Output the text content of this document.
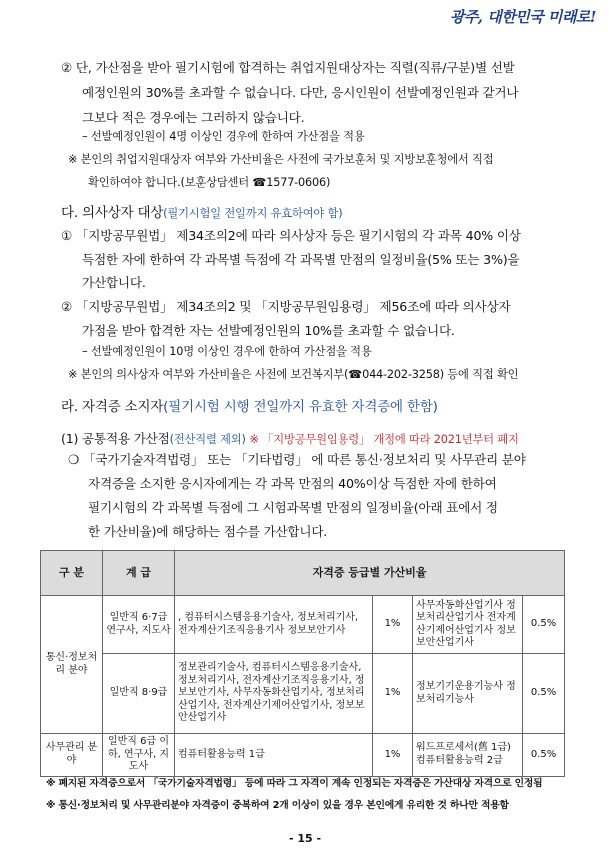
광주, 대한민국 미래로!
② 단, 가산점을 받아 필기시험에 합격하는 취업지원대상자는 직렬(직류/구분)별 선발
예정인원의 30%를 초과할 수 없습니다. 다만, 응시인원이 선발예정인원과 같거나
그보다 적은 경우에는 그러하지 않습니다.
– 선발예정인원이 4명 이상인 경우에 한하여 가산점을 적용
※ 본인의 취업지원대상자 여부와 가산비율은 사전에 국가보훈처 및 지방보훈청에서 직접
확인하여야 합니다.(보훈상담센터 ☎1577-0606)
다. 의사상자 대상(필기시험일 전일까지 유효하여야 함)
① 「지방공무원법」 제34조의2에 따라 의사상자 등은 필기시험의 각 과목 40% 이상
득점한 자에 한하여 각 과목별 득점에 각 과목별 만점의 일정비율(5% 또는 3%)을
가산합니다.
② 「지방공무원법」 제34조의2 및 「지방공무원임용령」 제56조에 따라 의사상자
가점을 받아 합격한 자는 선발예정인원의 10%를 초과할 수 없습니다.
– 선발예정인원이 10명 이상인 경우에 한하여 가산점을 적용
※ 본인의 의사상자 여부와 가산비율은 사전에 보건복지부(☎044-202-3258) 등에 직접 확인
라. 자격증 소지자(필기시험 시행 전일까지 유효한 자격증에 한함)
(1) 공통적용 가산점(전산직렬 제외) ※ 「지방공무원임용령」 개정에 따라 2021년부터 폐지
❍ 「국가기술자격법령」 또는 「기타법령」 에 따른 통신·정보처리 및 사무관리 분야
자격증을 소지한 응시자에게는 각 과목 만점의 40%이상 득점한 자에 한하여
필기시험의 각 과목별 득점에 그 시험과목별 만점의 일정비율(아래 표에서 정
한 가산비율)에 해당하는 점수를 가산합니다.
구 분	계 급	자격증 등급별 가산비율			
통신·정보처리 분야	일반직 6·7급 연구사, 지도사	, 컴퓨터시스템응용기술사, 정보처리기사, 전자계산기조직응용기사 정보보안기사	1%	사무자동화산업기사 정보처리산업기사 전자계산기제어산업기사 정보보안산업기사	0.5%
	일반직 8·9급	정보관리기술사, 컴퓨터시스템응용기술사, 정보처리기사, 전자계산기조직응용기사, 정보보안기사, 사무자동화산업기사, 정보처리산업기사, 전자계산기제어산업기사, 정보보안산업기사	1%	정보기기운용기능사 정보처리기능사	0.5%
사무관리 분야	일반직 6급 이하, 연구사, 지도사	컴퓨터활용능력 1급	1%	워드프로세서(舊 1급) 컴퓨터활용능력 2급	0.5%
※ 폐지된 자격증으로서 「국가기술자격법령」 등에 따라 그 자격이 계속 인정되는 자격증은 가산대상 자격으로 인정됨
※ 통신·정보처리 및 사무관리분야 자격증이 중복하여 2개 이상이 있을 경우 본인에게 유리한 것 하나만 적용함
- 15 -
